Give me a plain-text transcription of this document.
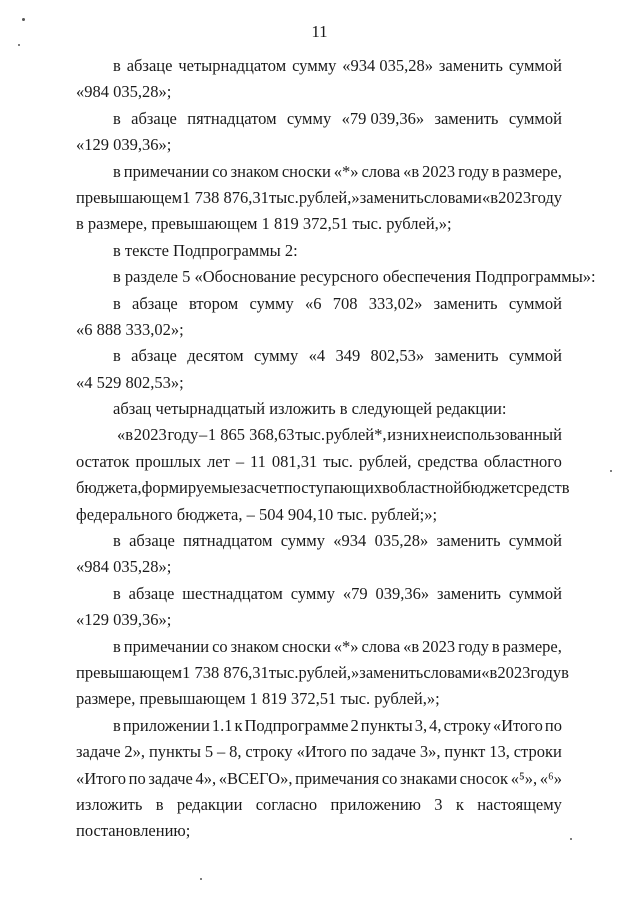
11
в абзаце четырнадцатом сумму «934 035,28» заменить суммой
«984 035,28»;
в абзаце пятнадцатом сумму «79 039,36» заменить суммой
«129 039,36»;
в примечании со знаком сноски «*» слова «в 2023 году в размере,
превышающем 1 738 876,31 тыс. рублей,» заменить словами «в 2023 году
в размере, превышающем 1 819 372,51 тыс. рублей,»;
в тексте Подпрограммы 2:
в разделе 5 «Обоснование ресурсного обеспечения Подпрограммы»:
в абзаце втором сумму «6 708 333,02» заменить суммой
«6 888 333,02»;
в абзаце десятом сумму «4 349 802,53» заменить суммой
«4 529 802,53»;
абзац четырнадцатый изложить в следующей редакции:
«в 2023 году – 1 865 368,63 тыс. рублей*, из них неиспользованный
остаток прошлых лет – 11 081,31 тыс. рублей, средства областного
бюджета, формируемые за счет поступающих в областной бюджет средств
федерального бюджета, – 504 904,10 тыс. рублей;»;
в абзаце пятнадцатом сумму «934 035,28» заменить суммой
«984 035,28»;
в абзаце шестнадцатом сумму «79 039,36» заменить суммой
«129 039,36»;
в примечании со знаком сноски «*» слова «в 2023 году в размере,
превышающем 1 738 876,31 тыс. рублей,» заменить словами «в 2023 году в
размере, превышающем 1 819 372,51 тыс. рублей,»;
в приложении 1.1 к Подпрограмме 2 пункты 3, 4, строку «Итого по
задаче 2», пункты 5 – 8, строку «Итого по задаче 3», пункт 13, строки
«Итого по задаче 4», «ВСЕГО», примечания со знаками сносок «⁵», «⁶»
изложить в редакции согласно приложению 3 к настоящему
постановлению;
